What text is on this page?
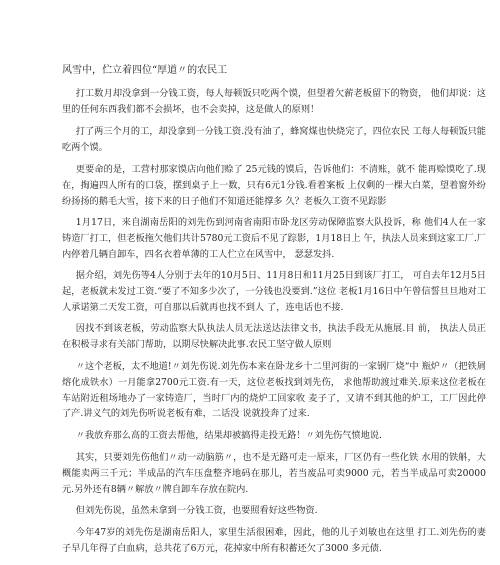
风雪中，伫立着四位“厚道〃的农民工

打工数月却没拿到一分钱工资，每人每顿饭只吃两个馍，但望着欠薪老板留下的物资， 他们却说：这里的任何东西我们都不会损坏，也不会卖掉，这是做人的原则！

打了两三个月的工，却没拿到一分钱工资.没有油了，蜂窝煤也快烧完了，四位农民 工每人每顿饭只能吃两个馍。

更要命的是，工营村那家馍店向他们赊了 25元钱的馍后，告诉他们：不清账，就不 能再赊馍吃了.现在，掏遍四人所有的口袋，摆到桌子上一数，只有6元1分钱.看着案板 上仅剩的一棵大白菜，望着窗外纷纷扬扬的鹅毛大雪，接下来的日子他们不知道还能撑多 久？老板久工资不见踪影

1月17日，来自湖南岳阳的刘先伤到河南省南阳市卧龙区劳动保障监察大队投诉，称 他们4人在一家铸造厂打工，但老板拖欠他们共计5780元工资后不见了踪影，1月18日上 午，执法人员来到这家工厂.厂内停着几辆自卸车，四名衣着单薄的工人伫立在风雪中， 瑟瑟发抖.

据介绍，刘先伤等4人分别于去年的10月5日、11月8日和11月25日到该厂打工， 可自去年12月5日起，老板就未发过工资.“要了不知多少次了，一分钱也没要到.”这位 老板1月16日中午曾信誓旦旦地对工人承诺第二天发工资，可自那以后就再也找不到人 了，连电话也不接.

因找不到该老板，劳动监察大队执法人员无法送达法律文书，执法手段无从施展.目 前， 执法人员正在积极寻求有关部门帮助，以期尽快解决此事.农民工坚守做人原则

〃这个老板，太不地道!〃刘先伤说.刘先伤本来在卧龙乡十二里河街的一家钢厂烧“中 瓶炉〃（把铁屑熔化成铁水）一月能拿2700元工资.有一天，这位老板找到刘先伤， 求他帮助渡过难关.原来这位老板在车站附近租场地办了一家铸造厂，当时厂内的烧炉工回家收 麦子了，又请不到其他的炉工，工厂因此停了产.讲义气的刘先伤听说老板有难，二话没 说就投奔了过来.

〃我放弃那么高的工资去帮他，结果却被搞得走投无路！〃刘先伤气愤地说.

其实，只要刘先伤他们〃动一动脑筋〃，也不是无路可走一原来，厂区仍有一些化铁 水用的铁斛，大概能卖两三千元；半成品的汽车压盘整齐地码在那儿，若当废品可卖9000 元，若当半成品可卖20000元.另外还有8辆〃解放〃牌自卸车存放在院内.

但刘先伤说，虽然未拿到一分钱工资，也要照看好这些物资.

今年47岁的刘先伤是湖南岳阳人，家里生活很困难，因此，他的儿子刘敏也在这里 打工.刘先伤的妻子早几年得了白血病，总共花了6万元，花掉家中所有积蓄还欠了3000 多元债.
